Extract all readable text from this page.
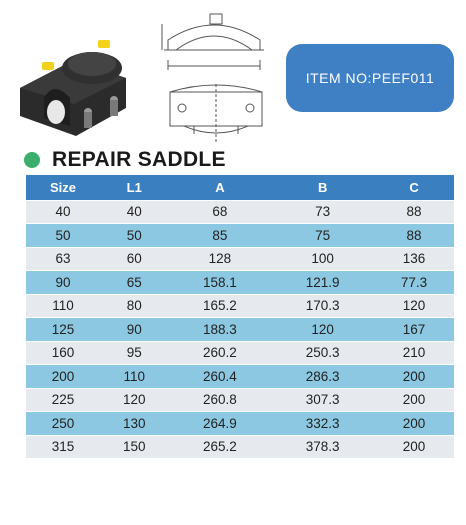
ITEM NO:PEEF011
REPAIR SADDLE
Size	L1	A	B	C
40	40	68	73	88
50	50	85	75	88
63	60	128	100	136
90	65	158.1	121.9	77.3
110	80	165.2	170.3	120
125	90	188.3	120	167
160	95	260.2	250.3	210
200	110	260.4	286.3	200
225	120	260.8	307.3	200
250	130	264.9	332.3	200
315	150	265.2	378.3	200
